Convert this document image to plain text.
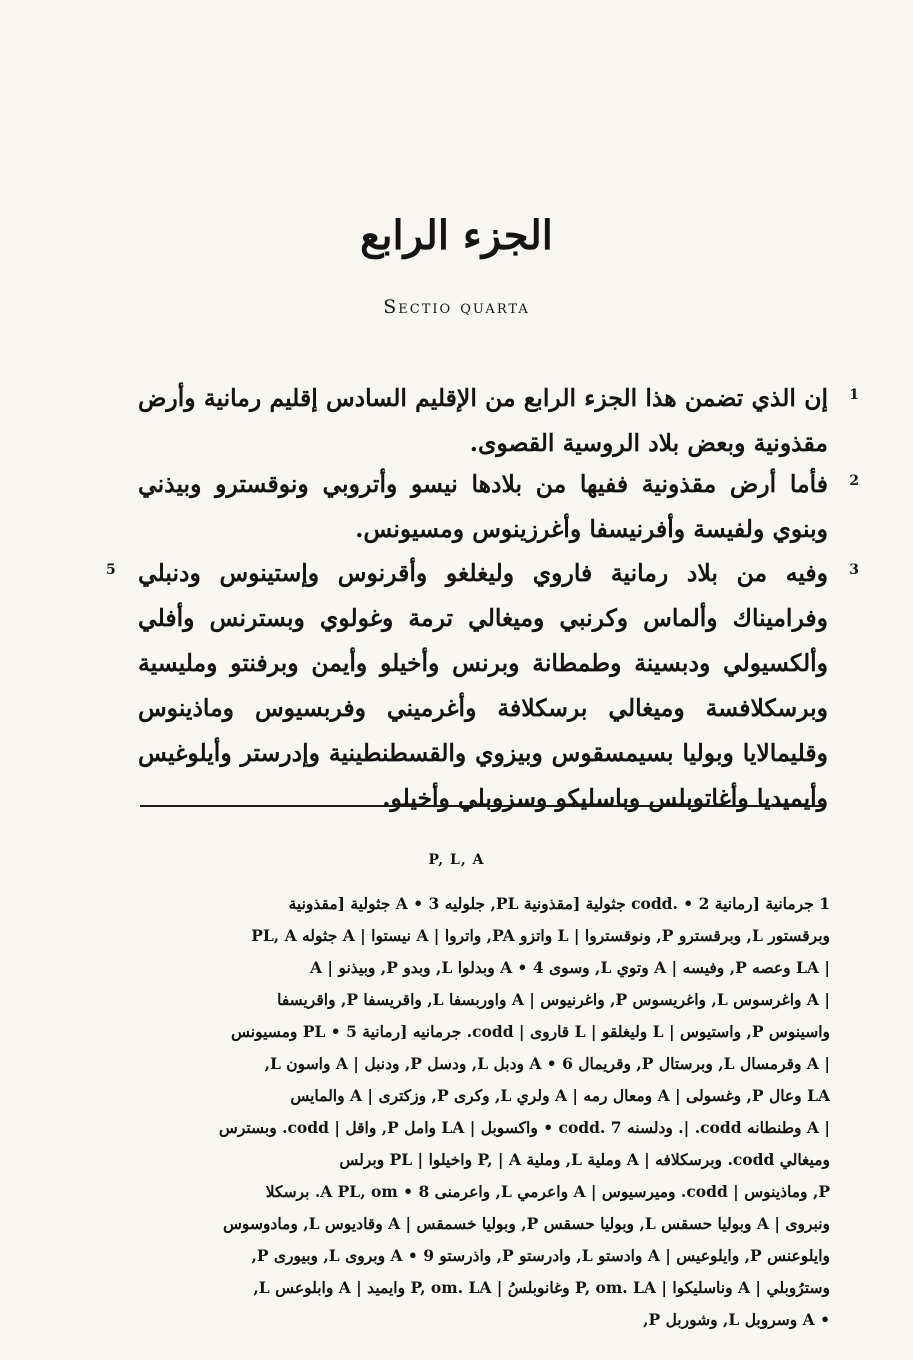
الجزء الرابع
Sectio quarta
1
إن الذي تضمن هذا الجزء الرابع من الإقليم السادس إقليم رمانية وأرض مقذونية وبعض بلاد الروسية القصوى.
2
فأما أرض مقذونية ففيها من بلادها نيسو وأتروبي ونوقسترو وبيذني وبنوي ولفيسة وأفرنيسفا وأغرزينوس ومسيونس.
3
5 وفيه من بلاد رمانية فاروي وليغلغو وأقرنوس وإستينوس ودنبلي وفراميناك وألماس وكرنبي وميغالي ترمة وغولوي وبسترنس وأفلي وألكسيولي ودبسينة وطمطانة وبرنس وأخيلو وأيمن وبرفنتو ومليسية وبرسكلافسة وميغالي برسكلافة وأغرميني وفربسيوس وماذينوس وقليمالايا وبوليا بسيمسقوس وبيزوي والقسطنطينية وإدرستر وأيلوغيس وأيميديا وأغاتوبلس وباسليكو وسزوبلي وأخيلو.
P, L, A
1 جرمانية [رمانية codd. • 2 جثولية [مقذونية PL, جلوليه A • 3 جثولية [مقذونية
وبرقستور L, وبرقسترو P, ونوقستروا | L واتزو PA, واتروا | A نيستوا | A جثوله PL, A
| LA وعصه P, وفيسه | A وتوي L, وسوى 4 • A وبدلوا L, وبدو P, وبيذنو | A
| A واغرسوس L, واغريسوس P, واغرنيوس | A واوربسفا L, واقريسفا P, واقريسفا
واسينوس P, واستيوس | L وليغلقو | L قاروى | codd. جرمانيه [رمانية 5 • PL ومسيونس
| A وقرمسال L, وبرستال P, وقريمال 6 • A ودبل L, ودسل P, ودنبل | A واسون L,
LA وعال P, وغسولى | A ومعال رمه | A ولري L, وكرى P, وزكترى | A والمايس
| A وطنطانه codd. |. ودلسنه codd. 7 • واكسوبل | LA وامل P, واقل | codd. وبسترس
وميغالي codd. وبرسكلافه | A وملية L, وملية P, | A واخيلوا | PL وبرلس
P, وماذينوس | codd. وميرسيوس | A واعرمي L, واعرمنى 8 • A PL, om. برسكلا
ونبروى | A وبوليا حسقس L, وبوليا حسقس P, وبوليا خسمقس | A وقاديوس L, ومادوسوس
وايلوعنس P, وايلوعيس | A وادستو L, وادرستو P, واذرستو 9 • A وبروى L, وبيورى P,
وسترُوبلي | A وناسليكوا | P, om. LA وغانوبلسُ | P, om. LA وايميد | A وابلوعس L,
• A وسروبل L, وشوربل P,
